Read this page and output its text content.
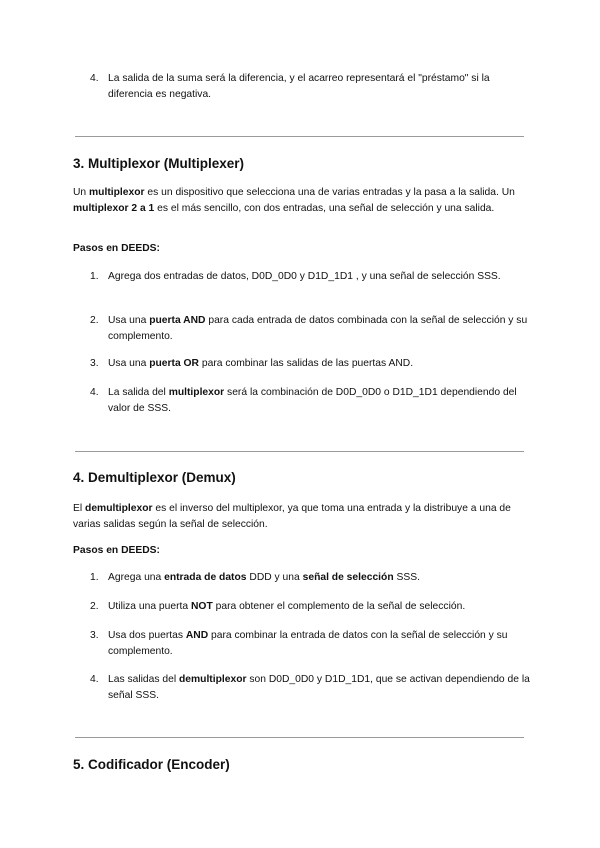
4. La salida de la suma será la diferencia, y el acarreo representará el "préstamo" si la diferencia es negativa.
3. Multiplexor (Multiplexer)

Un multiplexor es un dispositivo que selecciona una de varias entradas y la pasa a la salida. Un multiplexor 2 a 1 es el más sencillo, con dos entradas, una señal de selección y una salida.

Pasos en DEEDS:

1. Agrega dos entradas de datos, D0D_0D0 y D1D_1D1 , y una señal de selección SSS.
2. Usa una puerta AND para cada entrada de datos combinada con la señal de selección y su complemento.
3. Usa una puerta OR para combinar las salidas de las puertas AND.
4. La salida del multiplexor será la combinación de D0D_0D0 o D1D_1D1 dependiendo del valor de SSS.
4. Demultiplexor (Demux)

El demultiplexor es el inverso del multiplexor, ya que toma una entrada y la distribuye a una de varias salidas según la señal de selección.

Pasos en DEEDS:

1. Agrega una entrada de datos DDD y una señal de selección SSS.
2. Utiliza una puerta NOT para obtener el complemento de la señal de selección.
3. Usa dos puertas AND para combinar la entrada de datos con la señal de selección y su complemento.
4. Las salidas del demultiplexor son D0D_0D0 y D1D_1D1, que se activan dependiendo de la señal SSS.
5. Codificador (Encoder)
